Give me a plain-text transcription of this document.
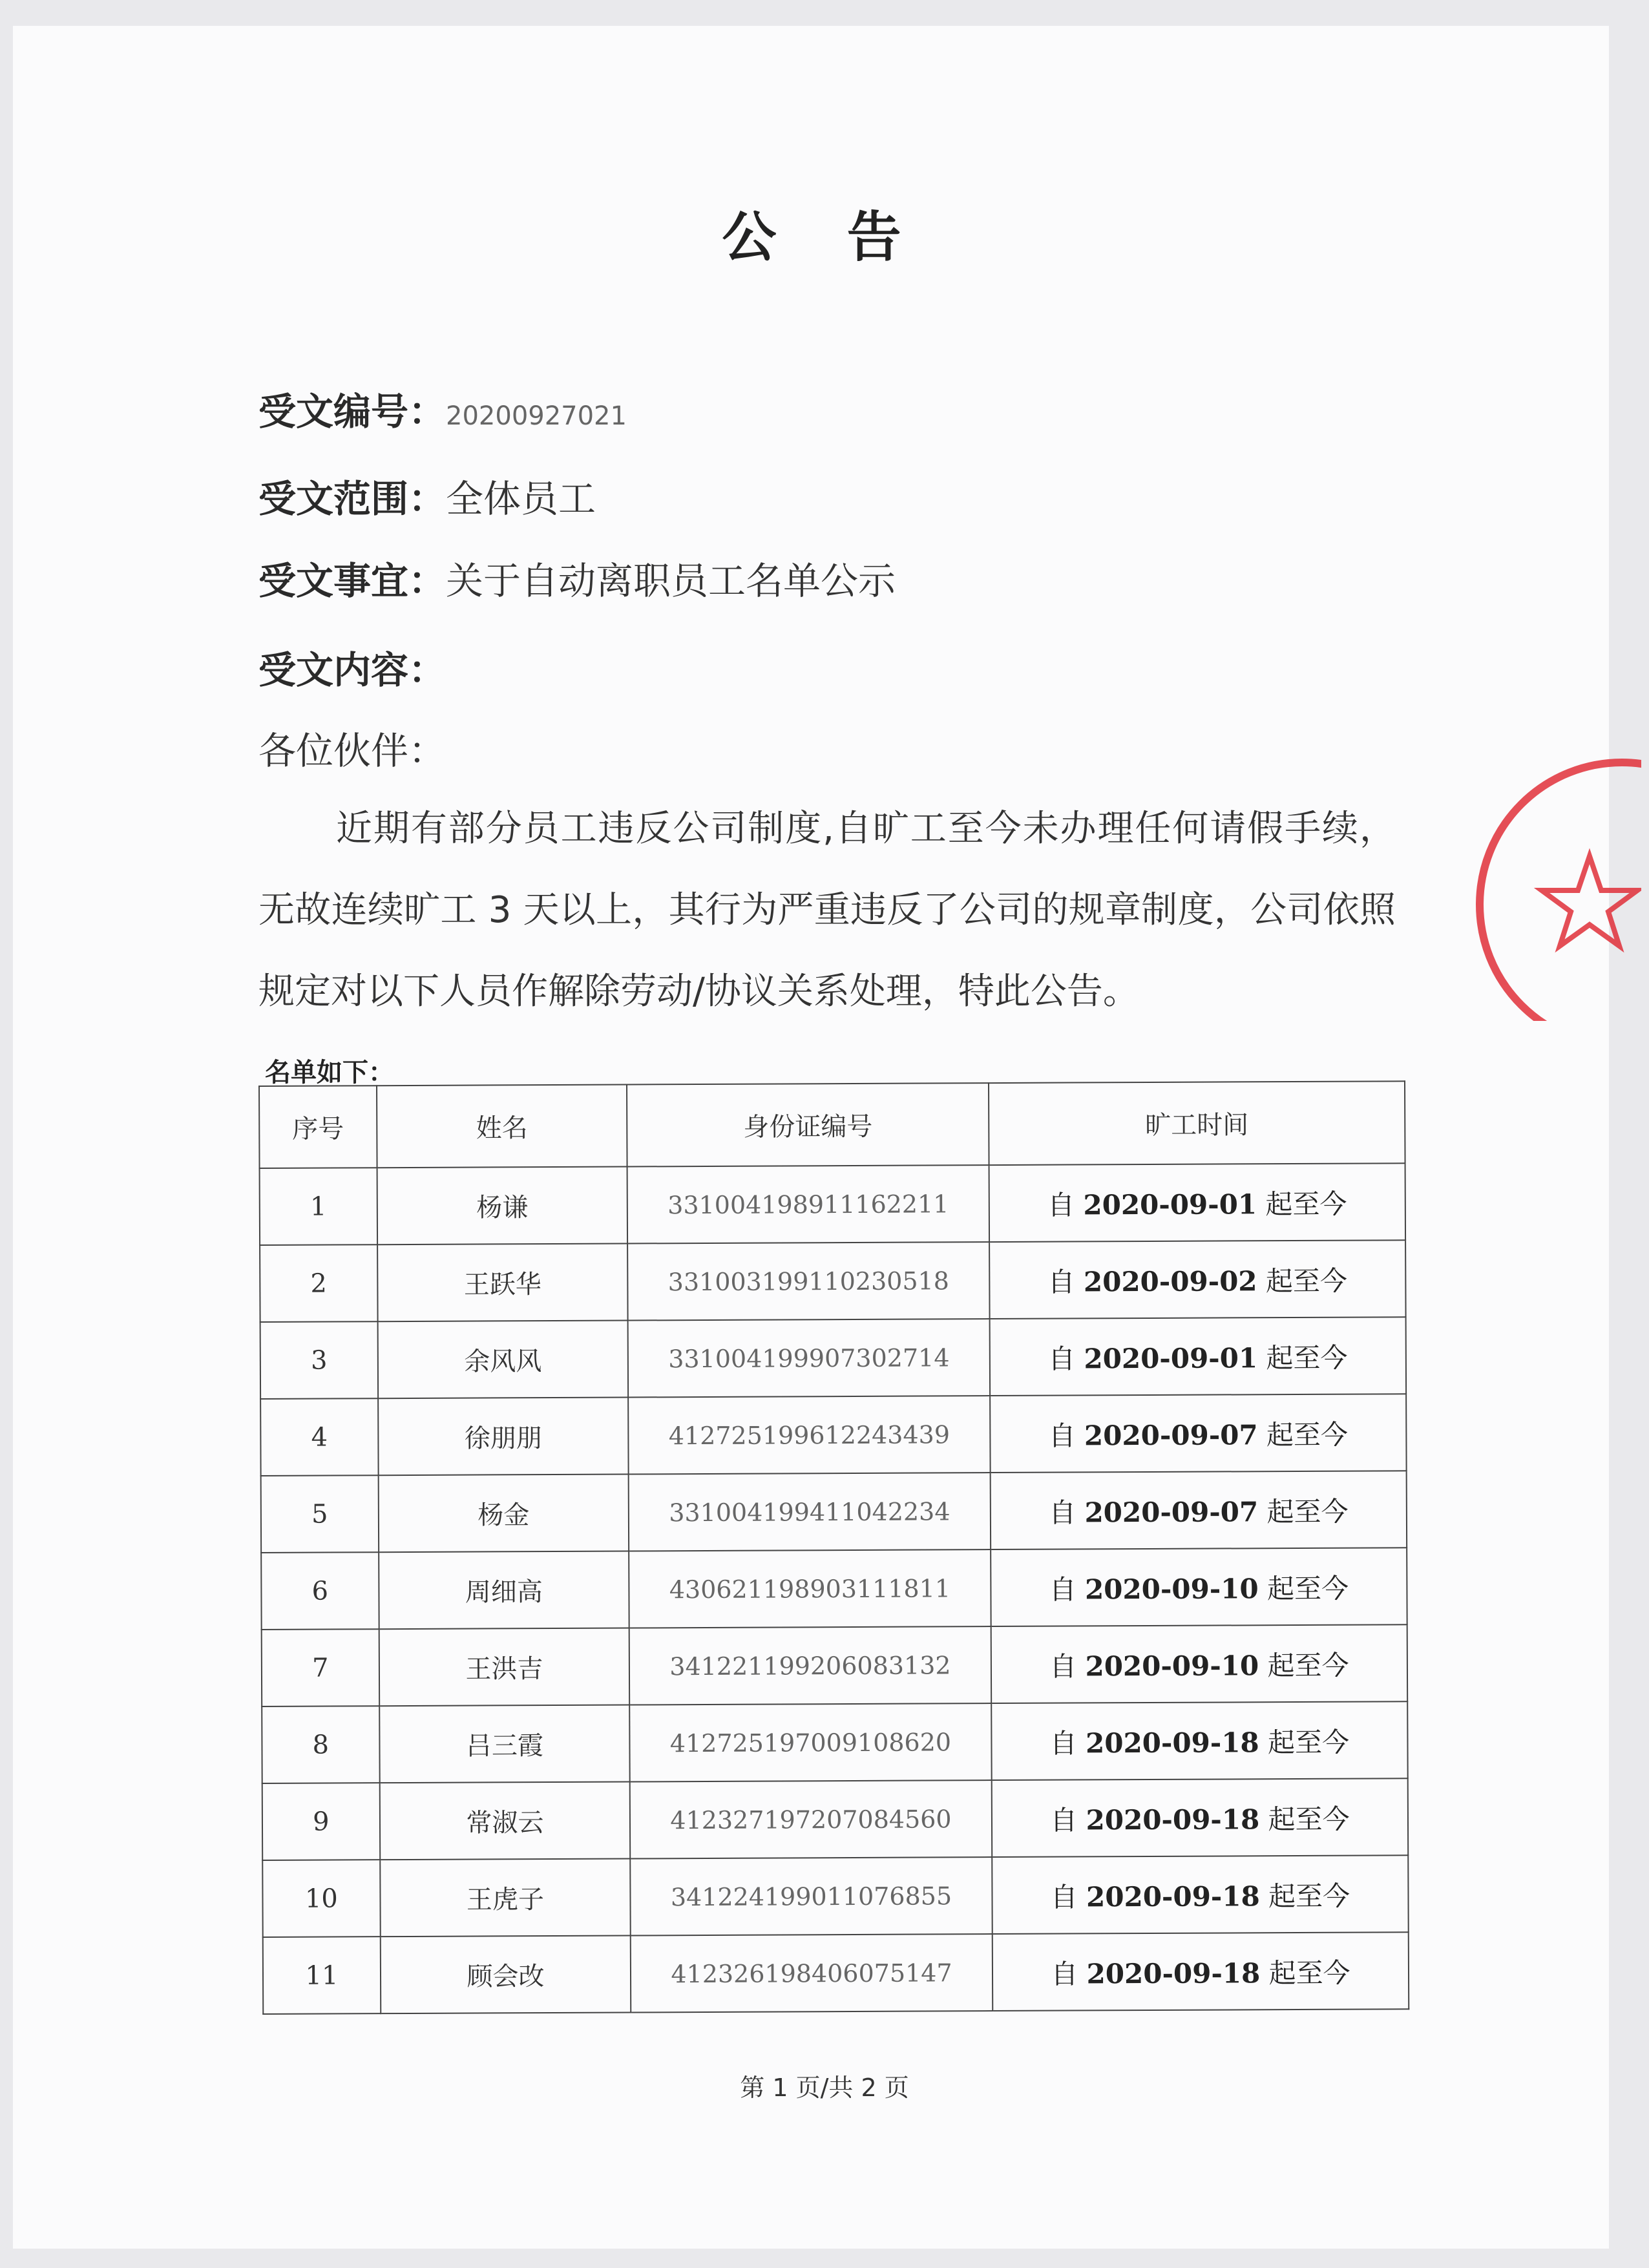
公 告
受文编号：20200927021
受文范围：全体员工
受文事宜：关于自动离职员工名单公示
受文内容：
各位伙伴：
近期有部分员工违反公司制度,自旷工至今未办理任何请假手续，无故连续旷工 3 天以上，其行为严重违反了公司的规章制度，公司依照规定对以下人员作解除劳动/协议关系处理，特此公告。
名单如下：
序号	姓名	身份证编号	旷工时间
1	杨谦	331004198911162211	自 2020-09-01 起至今
2	王跃华	331003199110230518	自 2020-09-02 起至今
3	余风风	331004199907302714	自 2020-09-01 起至今
4	徐朋朋	412725199612243439	自 2020-09-07 起至今
5	杨金	331004199411042234	自 2020-09-07 起至今
6	周细高	430621198903111811	自 2020-09-10 起至今
7	王洪吉	341221199206083132	自 2020-09-10 起至今
8	吕三霞	412725197009108620	自 2020-09-18 起至今
9	常淑云	412327197207084560	自 2020-09-18 起至今
10	王虎子	341224199011076855	自 2020-09-18 起至今
11	顾会改	412326198406075147	自 2020-09-18 起至今
第 1 页/共 2 页
